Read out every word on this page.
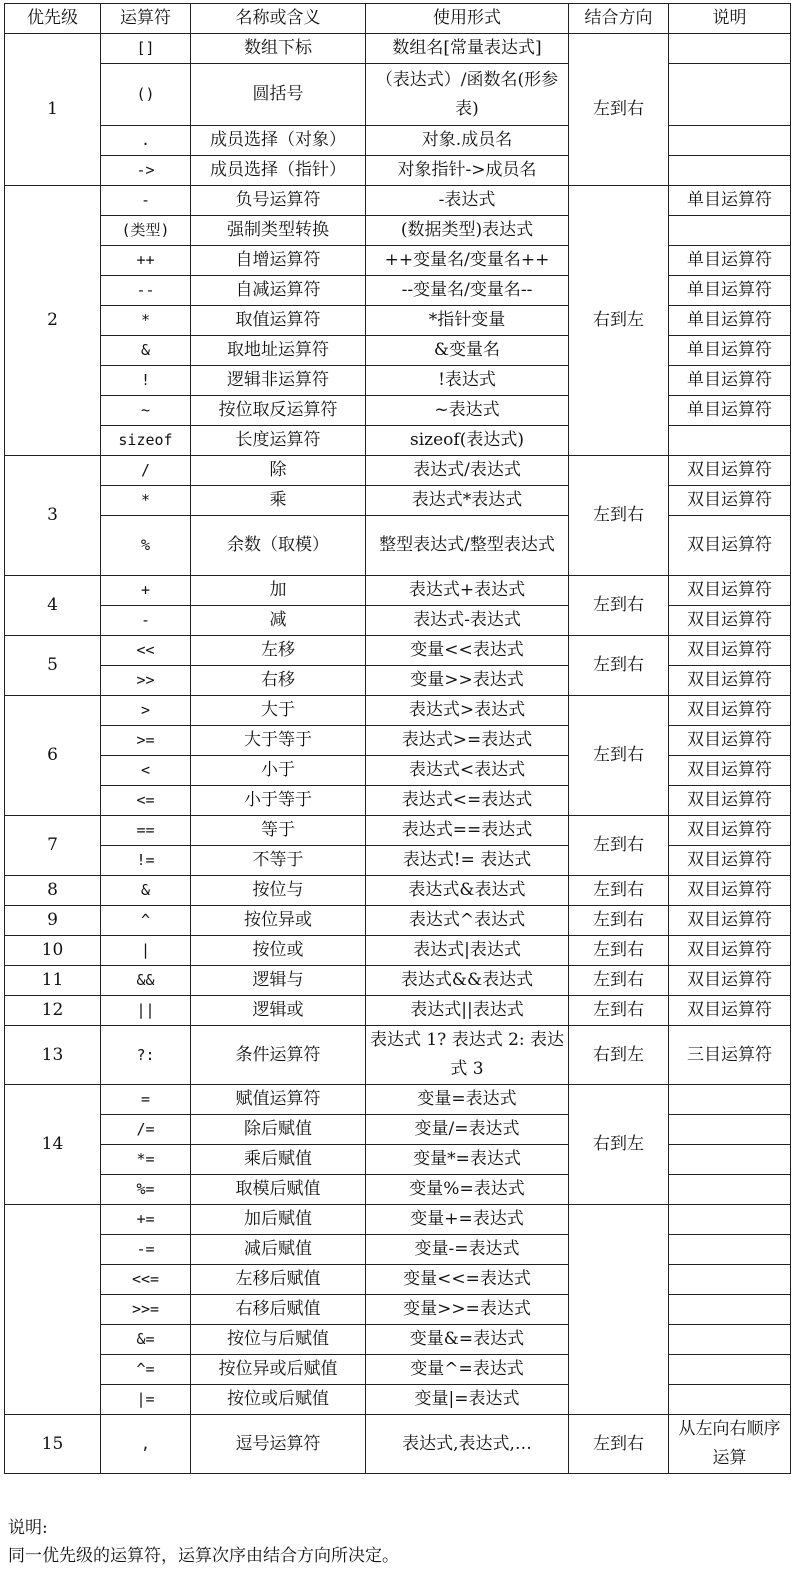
优先级	运算符	名称或含义	使用形式	结合方向	说明
1	[]	数组下标	数组名[常量表达式]	左到右	
	()	圆括号	（表达式）/函数名(形参表)		
	.	成员选择（对象）	对象.成员名		
	->	成员选择（指针）	对象指针->成员名		
2	-	负号运算符	-表达式	右到左	单目运算符
	(类型)	强制类型转换	(数据类型)表达式		
	++	自增运算符	++变量名/变量名++		单目运算符
	--	自减运算符	--变量名/变量名--		单目运算符
	*	取值运算符	*指针变量		单目运算符
	&	取地址运算符	&变量名		单目运算符
	!	逻辑非运算符	!表达式		单目运算符
	~	按位取反运算符	~表达式		单目运算符
	sizeof	长度运算符	sizeof(表达式)		
3	/	除	表达式/表达式	左到右	双目运算符
	*	乘	表达式*表达式		双目运算符
	%	余数（取模）	整型表达式/整型表达式		双目运算符
4	+	加	表达式+表达式	左到右	双目运算符
	-	减	表达式-表达式		双目运算符
5	<<	左移	变量<<表达式	左到右	双目运算符
	>>	右移	变量>>表达式		双目运算符
6	>	大于	表达式>表达式	左到右	双目运算符
	>=	大于等于	表达式>=表达式		双目运算符
	<	小于	表达式<表达式		双目运算符
	<=	小于等于	表达式<=表达式		双目运算符
7	==	等于	表达式==表达式	左到右	双目运算符
	!=	不等于	表达式!= 表达式		双目运算符
8	&	按位与	表达式&表达式	左到右	双目运算符
9	^	按位异或	表达式^表达式	左到右	双目运算符
10	|	按位或	表达式|表达式	左到右	双目运算符
11	&&	逻辑与	表达式&&表达式	左到右	双目运算符
12	||	逻辑或	表达式||表达式	左到右	双目运算符
13	?:	条件运算符	表达式 1? 表达式 2: 表达式 3	右到左	三目运算符
14	=	赋值运算符	变量=表达式	右到左	
	/=	除后赋值	变量/=表达式		
	*=	乘后赋值	变量*=表达式		
	%=	取模后赋值	变量%=表达式		
	+=	加后赋值	变量+=表达式		
	-=	减后赋值	变量-=表达式		
	<<=	左移后赋值	变量<<=表达式		
	>>=	右移后赋值	变量>>=表达式		
	&=	按位与后赋值	变量&=表达式		
	^=	按位异或后赋值	变量^=表达式		
	|=	按位或后赋值	变量|=表达式		
15	,	逗号运算符	表达式,表达式,…	左到右	从左向右顺序运算
说明:
同一优先级的运算符，运算次序由结合方向所决定。
